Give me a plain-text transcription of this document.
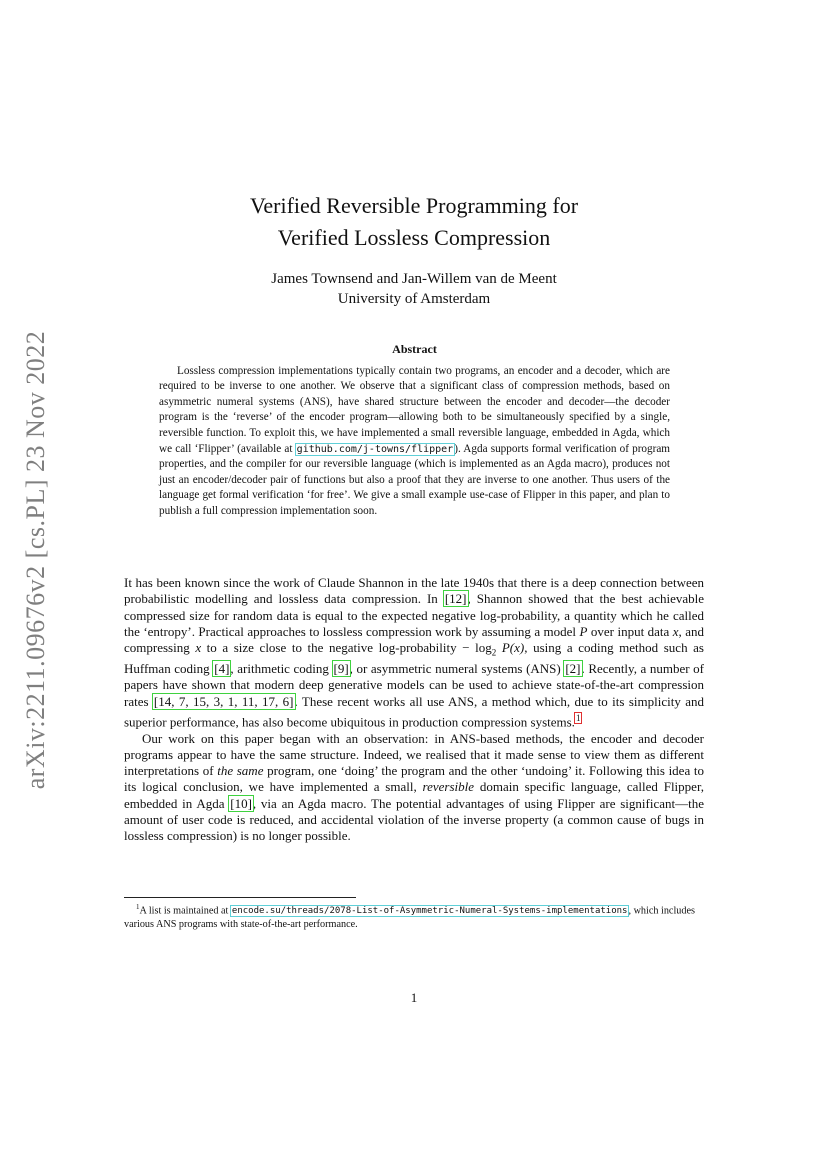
arXiv:2211.09676v2 [cs.PL] 23 Nov 2022
Verified Reversible Programming for
Verified Lossless Compression
James Townsend and Jan-Willem van de Meent
University of Amsterdam
Abstract

Lossless compression implementations typically contain two programs, an encoder and a decoder, which are required to be inverse to one another. We observe that a significant class of compression methods, based on asymmetric numeral systems (ANS), have shared structure between the encoder and decoder—the decoder program is the ‘reverse’ of the encoder program—allowing both to be simultaneously specified by a single, reversible function. To exploit this, we have implemented a small reversible language, embedded in Agda, which we call ‘Flipper’ (available at github.com/j-towns/flipper). Agda supports formal verification of program properties, and the compiler for our reversible language (which is implemented as an Agda macro), produces not just an encoder/decoder pair of functions but also a proof that they are inverse to one another. Thus users of the language get formal verification ‘for free’. We give a small example use-case of Flipper in this paper, and plan to publish a full compression implementation soon.

It has been known since the work of Claude Shannon in the late 1940s that there is a deep connection between probabilistic modelling and lossless data compression. In [12], Shannon showed that the best achievable compressed size for random data is equal to the expected negative log-probability, a quantity which he called the ‘entropy’. Practical approaches to lossless compression work by assuming a model P over input data x, and compressing x to a size close to the negative log-probability − $\log_2 P(x)$, using a coding method such as Huffman coding [4], arithmetic coding [9], or asymmetric numeral systems (ANS) [2]. Recently, a number of papers have shown that modern deep generative models can be used to achieve state-of-the-art compression rates [14, 7, 15, 3, 1, 11, 17, 6]. These recent works all use ANS, a method which, due to its simplicity and superior performance, has also become ubiquitous in production compression systems.$^1$

Our work on this paper began with an observation: in ANS-based methods, the encoder and decoder programs appear to have the same structure. Indeed, we realised that it made sense to view them as different interpretations of the same program, one ‘doing’ the program and the other ‘undoing’ it. Following this idea to its logical conclusion, we have implemented a small, reversible domain specific language, called Flipper, embedded in Agda [10], via an Agda macro. The potential advantages of using Flipper are significant—the amount of user code is reduced, and accidental violation of the inverse property (a common cause of bugs in lossless compression) is no longer possible.

$^1$A list is maintained at encode.su/threads/2078-List-of-Asymmetric-Numeral-Systems-implementations, which includes various ANS programs with state-of-the-art performance.
1
